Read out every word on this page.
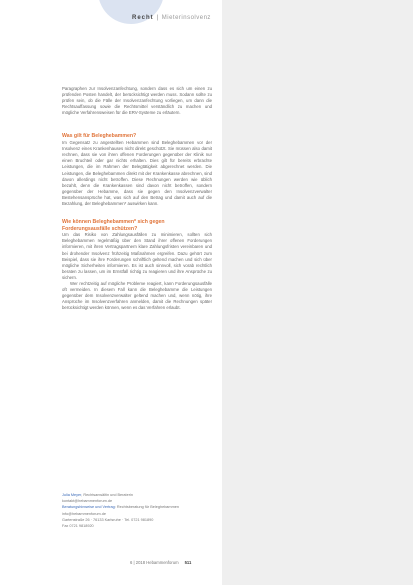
Recht | Mieterinsolvenz

Paragraphen zur Insolvenzanfechtung, sondern dass es sich um einen zu prüfenden Posten handelt, der berücksichtigt werden muss. Sodann sollte zu prüfen sein, ob die Fälle der Insolvenzanfechtung vorliegen, um dann die Rechtsauffassung sowie die Rechtsmittel verständlich zu machen und mögliche Verfahrensweisen für die ERV-Systeme zu erläutern.

Was gilt für Beleghebammen?

Im Gegensatz zu angestellten Hebammen sind Beleghebammen vor der Insolvenz eines Krankenhauses nicht direkt geschützt. Sie müssen also damit rechnen, dass sie von ihren offenen Forderungen gegenüber der Klinik nur einen Bruchteil oder gar nichts erhalten. Dies gilt für bereits erbrachte Leistungen, die im Rahmen der Belegtätigkeit abgerechnet werden. Die Leistungen, die Beleghebammen direkt mit der Krankenkasse abrechnen, sind davon allerdings nicht betroffen. Diese Rechnungen werden wie üblich bezahlt, denn die Krankenkassen sind davon nicht betroffen, sondern gegenüber der Hebamme, dass sie gegen den Insolvenzverwalter Bestehensansprüche hat, was sich auf den Betrag und damit auch auf die Bezahlung, der Beleghebammen* auswirken kann.

Wie können Beleghebammen* sich gegen Forderungsausfälle schützen?

Um das Risiko von Zahlungsausfällen zu minimieren, sollten sich Beleghebammen regelmäßig über den Stand ihrer offenen Forderungen informieren, mit ihren Vertragspartnern klare Zahlungsfristen vereinbaren und bei drohender Insolvenz frühzeitig Maßnahmen ergreifen. Dazu gehört zum Beispiel, dass sie ihre Forderungen schriftlich geltend machen und sich über mögliche Sicherheiten informieren. Es ist auch sinnvoll, sich vorab rechtlich beraten zu lassen, um im Ernstfall richtig zu reagieren und ihre Ansprüche zu sichern.

Wer rechtzeitig auf mögliche Probleme reagiert, kann Forderungsausfälle oft vermeiden. In diesem Fall kann die Beleghebamme die Leistungen gegenüber dem Insolvenzverwalter geltend machen und, wenn nötig, ihre Ansprüche im Insolvenzverfahren anmelden, damit die Rechnungen später berücksichtigt werden können, wenn es das Verfahren erlaubt.

Julia Meyer, Rechtsanwältin und Beraterin
kontakt@hebammenforum.de
Beratungshinweise und Vertrag: Rechtsberatung für Beleghebammen
info@hebammenforum.de
Gartenstraße 26 · 76133 Karlsruhe · Tel. 0721 981890
Fax 0721 9818920
6 | 2018 Hebammenforum 511
